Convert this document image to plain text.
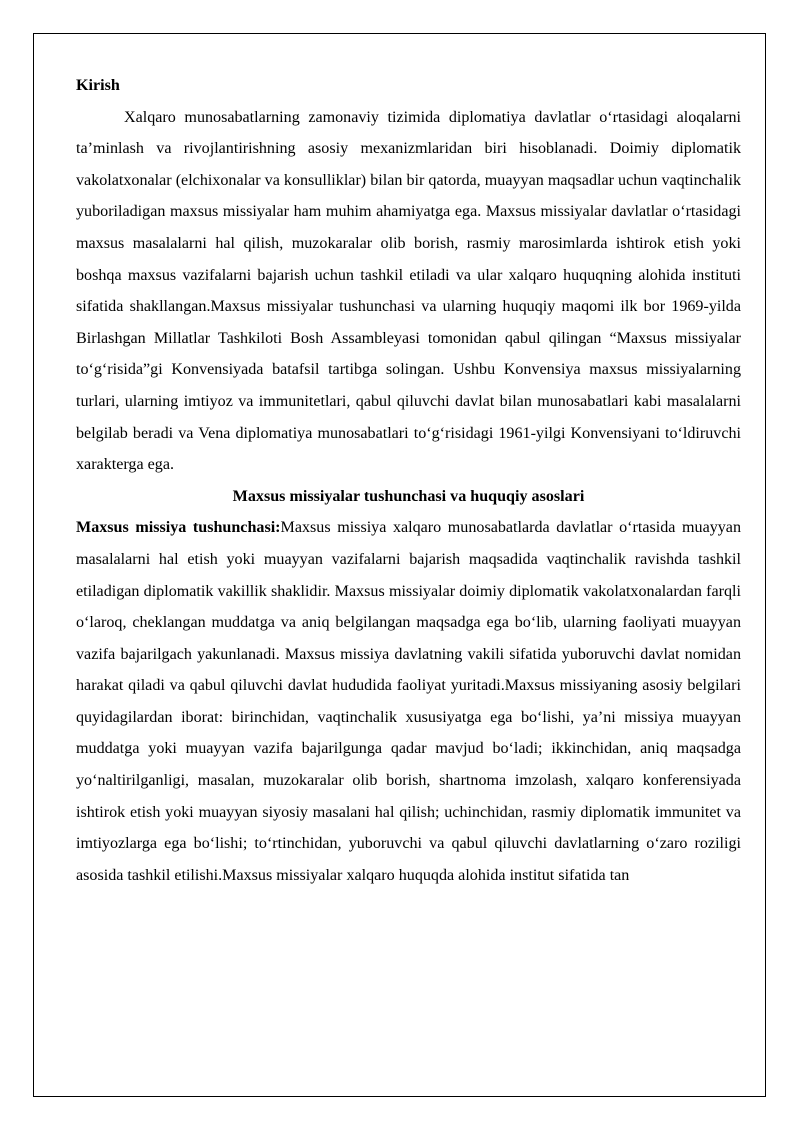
Kirish

Xalqaro munosabatlarning zamonaviy tizimida diplomatiya davlatlar o‘rtasidagi aloqalarni ta’minlash va rivojlantirishning asosiy mexanizmlaridan biri hisoblanadi. Doimiy diplomatik vakolatxonalar (elchixonalar va konsulliklar) bilan bir qatorda, muayyan maqsadlar uchun vaqtinchalik yuboriladigan maxsus missiyalar ham muhim ahamiyatga ega. Maxsus missiyalar davlatlar o‘rtasidagi maxsus masalalarni hal qilish, muzokaralar olib borish, rasmiy marosimlarda ishtirok etish yoki boshqa maxsus vazifalarni bajarish uchun tashkil etiladi va ular xalqaro huquqning alohida instituti sifatida shakllangan.Maxsus missiyalar tushunchasi va ularning huquqiy maqomi ilk bor 1969-yilda Birlashgan Millatlar Tashkiloti Bosh Assambleyasi tomonidan qabul qilingan “Maxsus missiyalar to‘g‘risida”gi Konvensiyada batafsil tartibga solingan. Ushbu Konvensiya maxsus missiyalarning turlari, ularning imtiyoz va immunitetlari, qabul qiluvchi davlat bilan munosabatlari kabi masalalarni belgilab beradi va Vena diplomatiya munosabatlari to‘g‘risidagi 1961-yilgi Konvensiyani to‘ldiruvchi xarakterga ega.

Maxsus missiyalar tushunchasi va huquqiy asoslari

Maxsus missiya tushunchasi:Maxsus missiya xalqaro munosabatlarda davlatlar o‘rtasida muayyan masalalarni hal etish yoki muayyan vazifalarni bajarish maqsadida vaqtinchalik ravishda tashkil etiladigan diplomatik vakillik shaklidir. Maxsus missiyalar doimiy diplomatik vakolatxonalardan farqli o‘laroq, cheklangan muddatga va aniq belgilangan maqsadga ega bo‘lib, ularning faoliyati muayyan vazifa bajarilgach yakunlanadi. Maxsus missiya davlatning vakili sifatida yuboruvchi davlat nomidan harakat qiladi va qabul qiluvchi davlat hududida faoliyat yuritadi.Maxsus missiyaning asosiy belgilari quyidagilardan iborat: birinchidan, vaqtinchalik xususiyatga ega bo‘lishi, ya’ni missiya muayyan muddatga yoki muayyan vazifa bajarilgunga qadar mavjud bo‘ladi; ikkinchidan, aniq maqsadga yo‘naltirilganligi, masalan, muzokaralar olib borish, shartnoma imzolash, xalqaro konferensiyada ishtirok etish yoki muayyan siyosiy masalani hal qilish; uchinchidan, rasmiy diplomatik immunitet va imtiyozlarga ega bo‘lishi; to‘rtinchidan, yuboruvchi va qabul qiluvchi davlatlarning o‘zaro roziligi asosida tashkil etilishi.Maxsus missiyalar xalqaro huquqda alohida institut sifatida tan
